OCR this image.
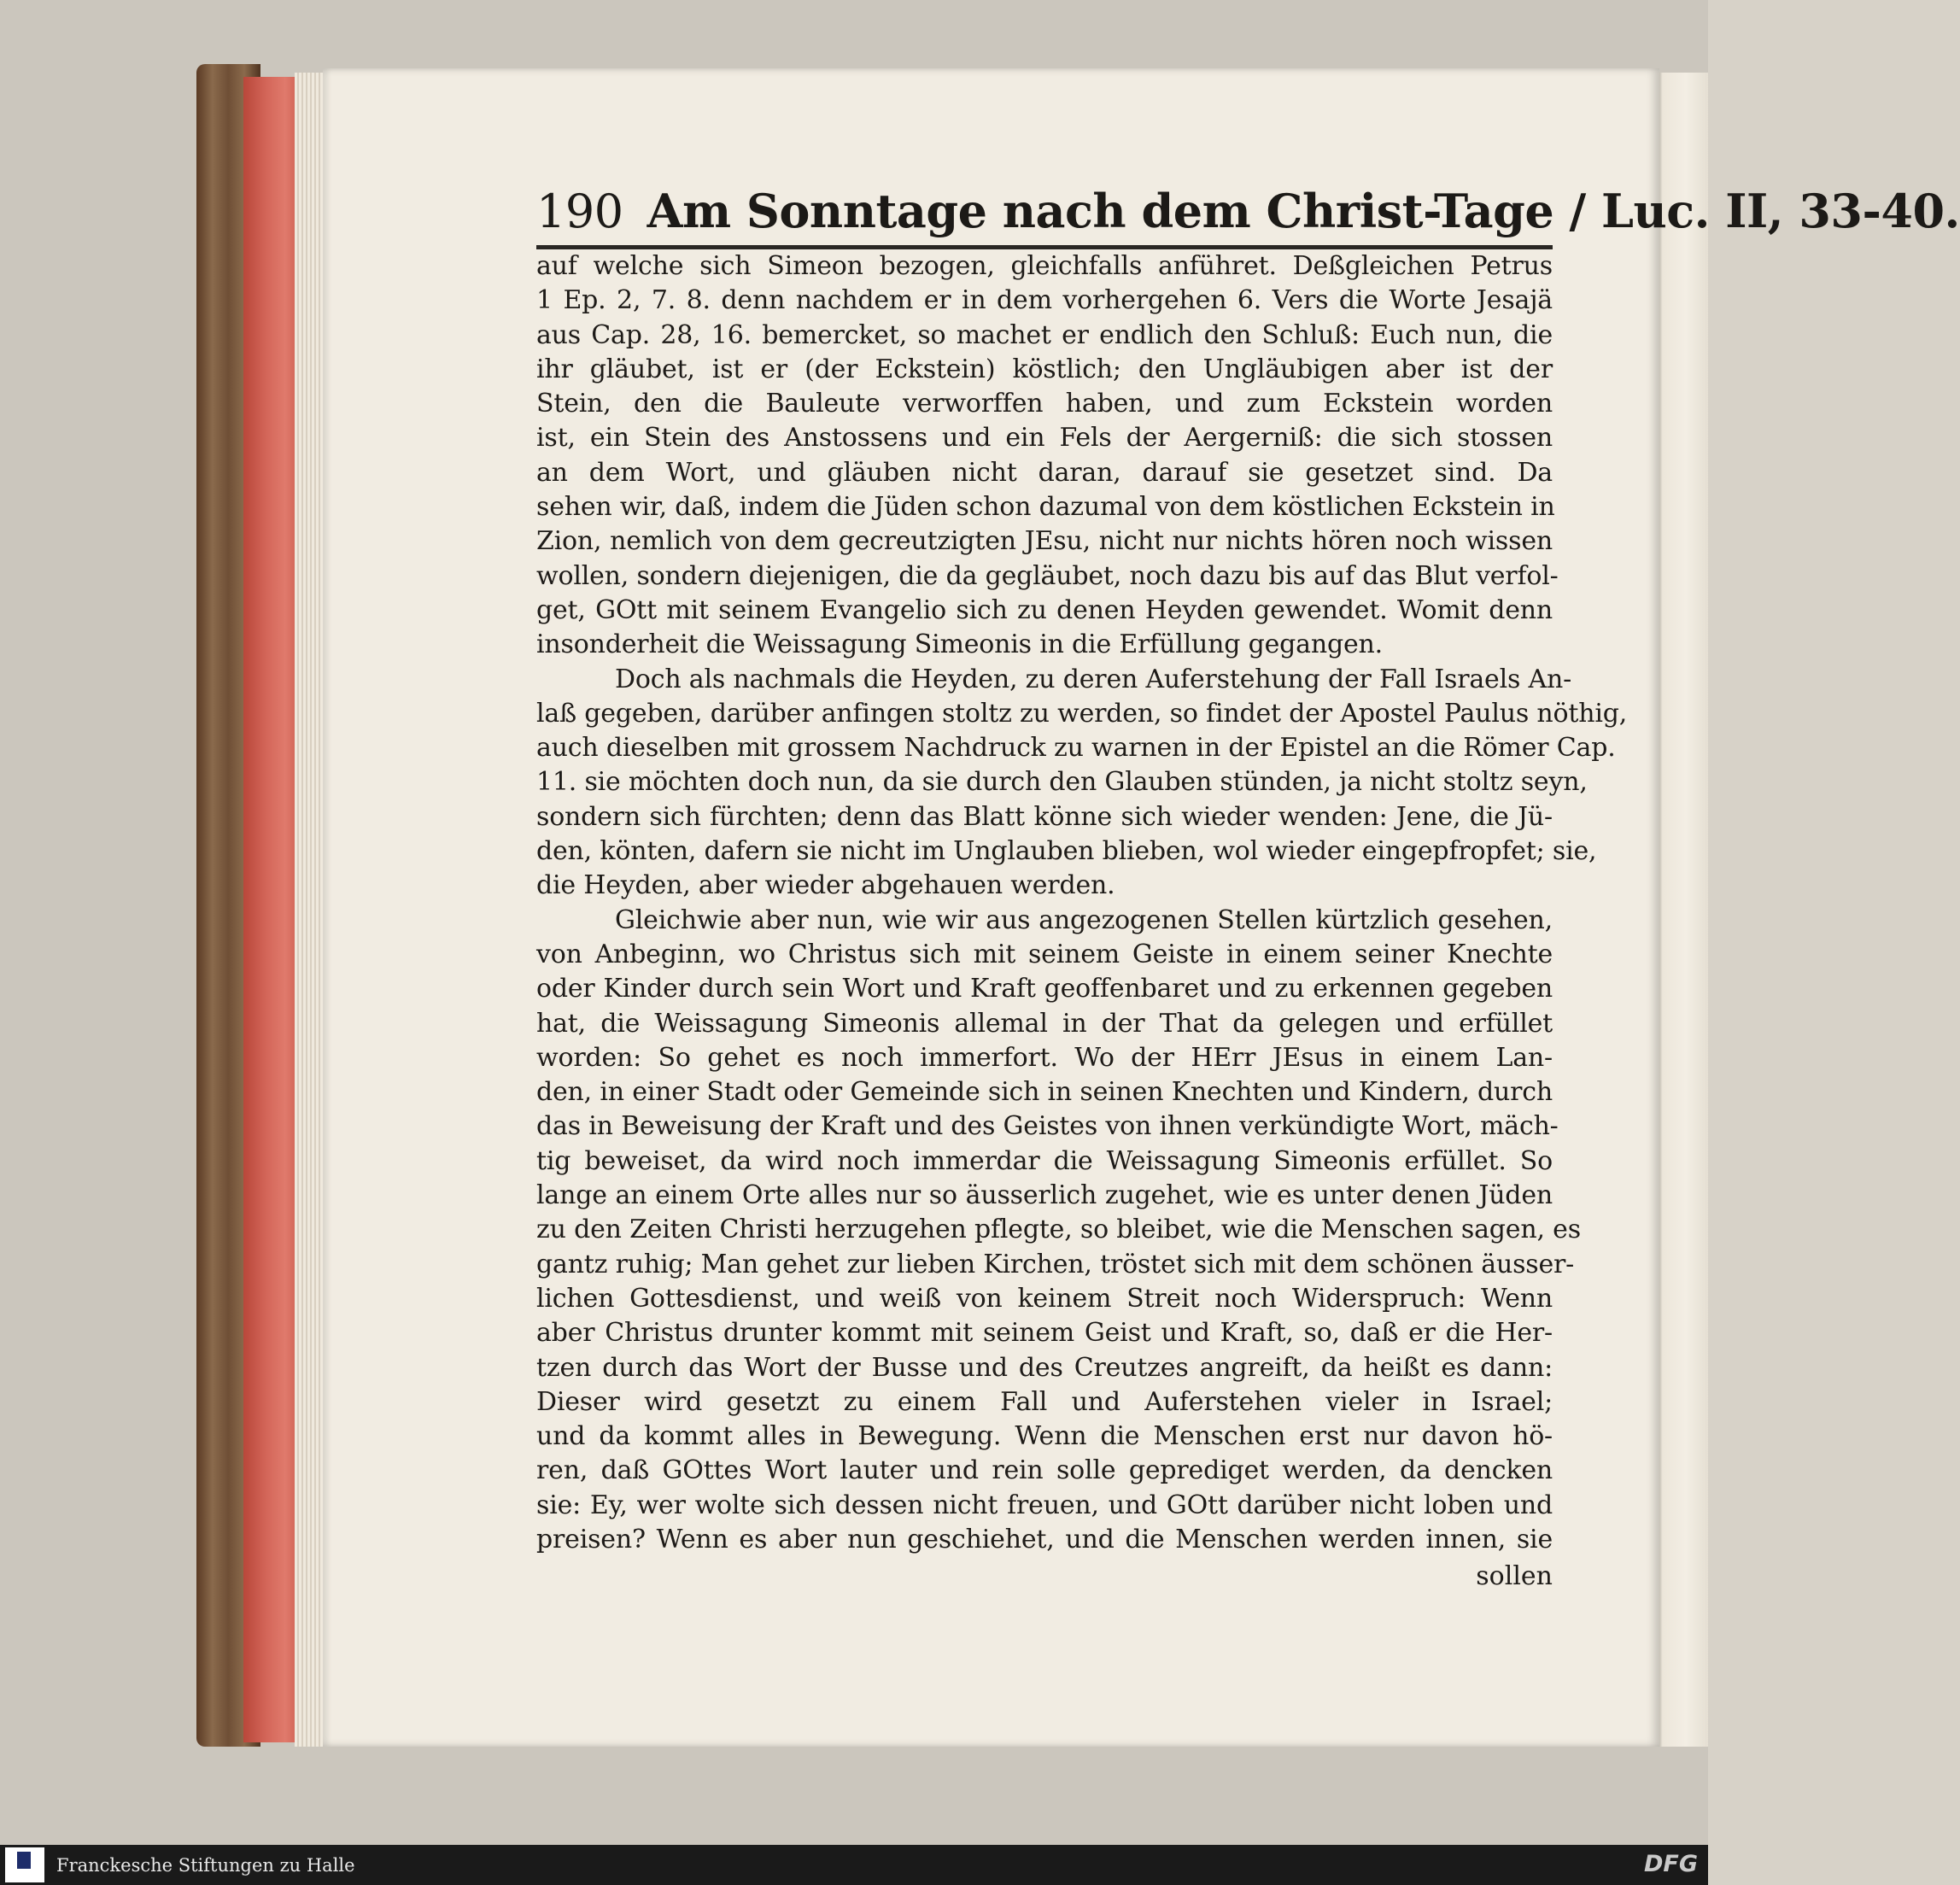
190 Am Sonntage nach dem Christ-Tage / Luc. II, 33-40.
auf welche sich Simeon bezogen, gleichfalls anführet. Deßgleichen Petrus
1 Ep. 2, 7. 8. denn nachdem er in dem vorhergehen 6. Vers die Worte Jesajä
aus Cap. 28, 16. bemercket, so machet er endlich den Schluß: Euch nun, die
ihr gläubet, ist er (der Eckstein) köstlich; den Ungläubigen aber ist der
Stein, den die Bauleute verworffen haben, und zum Eckstein worden
ist, ein Stein des Anstossens und ein Fels der Aergerniß: die sich stossen
an dem Wort, und gläuben nicht daran, darauf sie gesetzet sind. Da
sehen wir, daß, indem die Jüden schon dazumal von dem köstlichen Eckstein in
Zion, nemlich von dem gecreutzigten JEsu, nicht nur nichts hören noch wissen
wollen, sondern diejenigen, die da gegläubet, noch dazu bis auf das Blut verfol-
get, GOtt mit seinem Evangelio sich zu denen Heyden gewendet. Womit denn
insonderheit die Weissagung Simeonis in die Erfüllung gegangen.
Doch als nachmals die Heyden, zu deren Auferstehung der Fall Israels An-
laß gegeben, darüber anfingen stoltz zu werden, so findet der Apostel Paulus nöthig,
auch dieselben mit grossem Nachdruck zu warnen in der Epistel an die Römer Cap.
11. sie möchten doch nun, da sie durch den Glauben stünden, ja nicht stoltz seyn,
sondern sich fürchten; denn das Blatt könne sich wieder wenden: Jene, die Jü-
den, könten, dafern sie nicht im Unglauben blieben, wol wieder eingepfropfet; sie,
die Heyden, aber wieder abgehauen werden.
Gleichwie aber nun, wie wir aus angezogenen Stellen kürtzlich gesehen,
von Anbeginn, wo Christus sich mit seinem Geiste in einem seiner Knechte
oder Kinder durch sein Wort und Kraft geoffenbaret und zu erkennen gegeben
hat, die Weissagung Simeonis allemal in der That da gelegen und erfüllet
worden: So gehet es noch immerfort. Wo der HErr JEsus in einem Lan-
den, in einer Stadt oder Gemeinde sich in seinen Knechten und Kindern, durch
das in Beweisung der Kraft und des Geistes von ihnen verkündigte Wort, mäch-
tig beweiset, da wird noch immerdar die Weissagung Simeonis erfüllet. So
lange an einem Orte alles nur so äusserlich zugehet, wie es unter denen Jüden
zu den Zeiten Christi herzugehen pflegte, so bleibet, wie die Menschen sagen, es
gantz ruhig; Man gehet zur lieben Kirchen, tröstet sich mit dem schönen äusser-
lichen Gottesdienst, und weiß von keinem Streit noch Widerspruch: Wenn
aber Christus drunter kommt mit seinem Geist und Kraft, so, daß er die Her-
tzen durch das Wort der Busse und des Creutzes angreift, da heißt es dann:
Dieser wird gesetzt zu einem Fall und Auferstehen vieler in Israel;
und da kommt alles in Bewegung. Wenn die Menschen erst nur davon hö-
ren, daß GOttes Wort lauter und rein solle geprediget werden, da dencken
sie: Ey, wer wolte sich dessen nicht freuen, und GOtt darüber nicht loben und
preisen? Wenn es aber nun geschiehet, und die Menschen werden innen, sie
sollen
Franckesche Stiftungen zu Halle	DFG
